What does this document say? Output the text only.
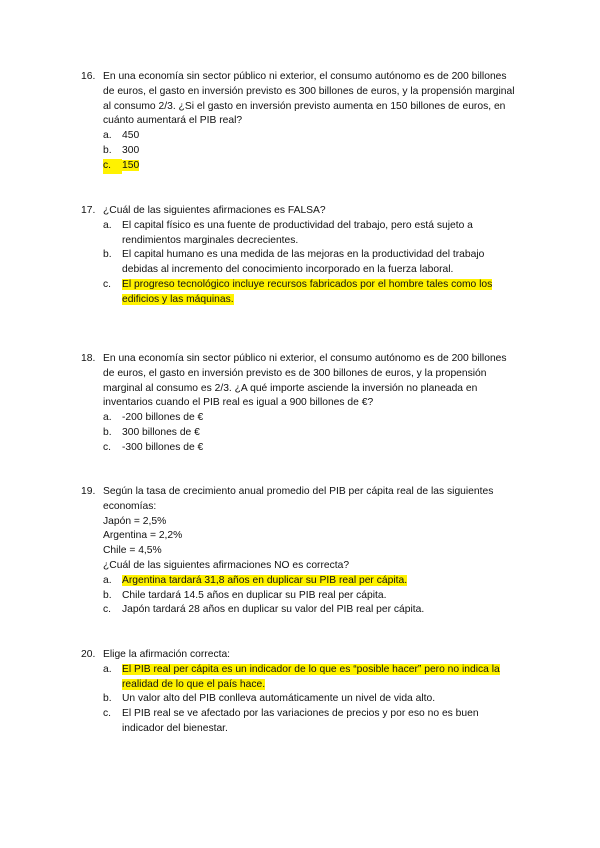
16. En una economía sin sector público ni exterior, el consumo autónomo es de 200 billones de euros, el gasto en inversión previsto es 300 billones de euros, y la propensión marginal al consumo 2/3. ¿Si el gasto en inversión previsto aumenta en 150 billones de euros, en cuánto aumentará el PIB real?

a. 450
b. 300
c.	150
17. ¿Cuál de las siguientes afirmaciones es FALSA?

a. El capital físico es una fuente de productividad del trabajo, pero está sujeto a rendimientos marginales decrecientes.
b. El capital humano es una medida de las mejoras en la productividad del trabajo debidas al incremento del conocimiento incorporado en la fuerza laboral.
c. El progreso tecnológico incluye recursos fabricados por el hombre tales como los edificios y las máquinas.
18. En una economía sin sector público ni exterior, el consumo autónomo es de 200 billones de euros, el gasto en inversión previsto es de 300 billones de euros, y la propensión marginal al consumo es 2/3. ¿A qué importe asciende la inversión no planeada en inventarios cuando el PIB real es igual a 900 billones de €?

a. -200 billones de €
b. 300 billones de €
c. -300 billones de €
19. Según la tasa de crecimiento anual promedio del PIB per cápita real de las siguientes economías:
Japón = 2,5%
Argentina = 2,2%
Chile = 4,5%
¿Cuál de las siguientes afirmaciones NO es correcta?

a. Argentina tardará 31,8 años en duplicar su PIB real per cápita.
b. Chile tardará 14.5 años en duplicar su PIB real per cápita.
c. Japón tardará 28 años en duplicar su valor del PIB real per cápita.
20. Elige la afirmación correcta:

a. El PIB real per cápita es un indicador de lo que es “posible hacer” pero no indica la realidad de lo que el país hace.
b. Un valor alto del PIB conlleva automáticamente un nivel de vida alto.
c. El PIB real se ve afectado por las variaciones de precios y por eso no es buen indicador del bienestar.
